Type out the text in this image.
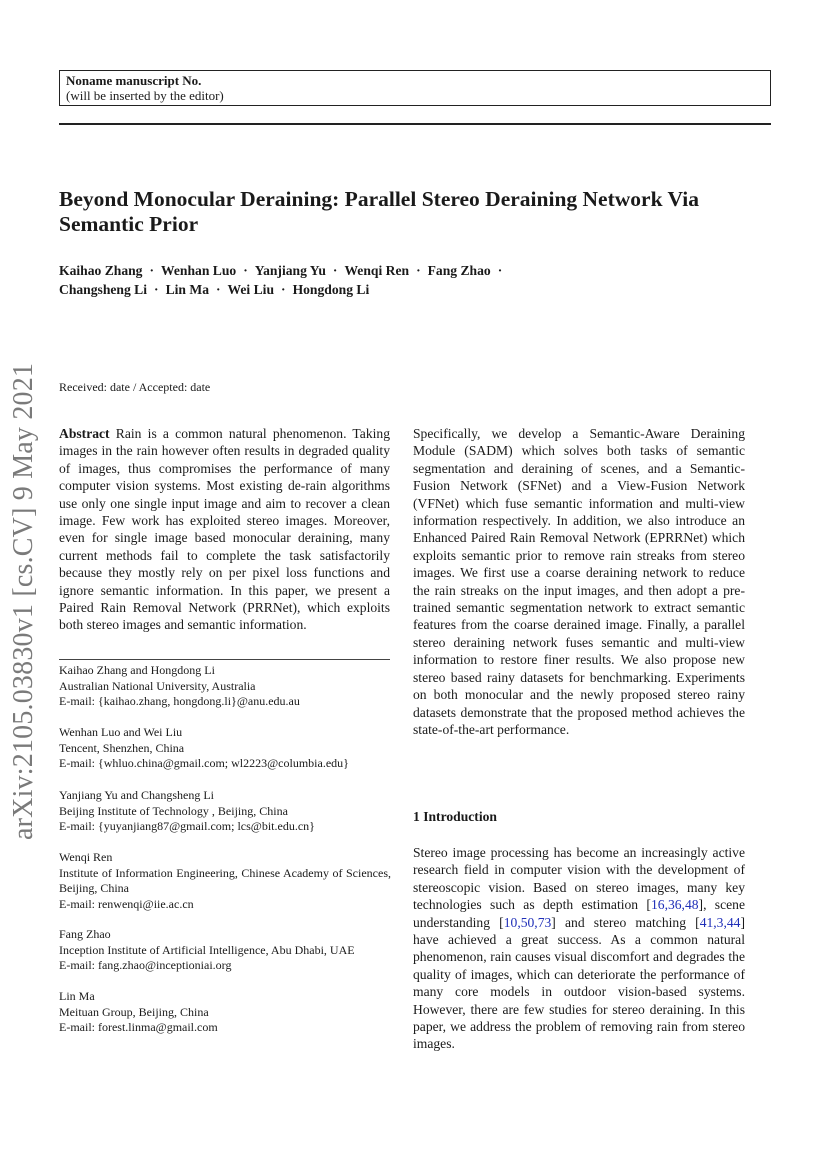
Noname manuscript No.
(will be inserted by the editor)
Beyond Monocular Deraining: Parallel Stereo Deraining Network Via Semantic Prior
Kaihao Zhang · Wenhan Luo · Yanjiang Yu · Wenqi Ren · Fang Zhao ·
Changsheng Li · Lin Ma · Wei Liu · Hongdong Li
arXiv:2105.03830v1 [cs.CV] 9 May 2021	Received: date / Accepted: date
Abstract Rain is a common natural phenomenon. Taking images in the rain however often results in degraded quality of images, thus compromises the performance of many computer vision systems. Most existing de-rain algorithms use only one single input image and aim to recover a clean image. Few work has exploited stereo images. Moreover, even for single image based monocular deraining, many current methods fail to complete the task satisfactorily because they mostly rely on per pixel loss functions and ignore semantic information. In this paper, we present a Paired Rain Removal Network (PRRNet), which exploits both stereo images and semantic information.
Specifically, we develop a Semantic-Aware Deraining Module (SADM) which solves both tasks of semantic segmentation and deraining of scenes, and a Semantic-Fusion Network (SFNet) and a View-Fusion Network (VFNet) which fuse semantic information and multi-view information respectively. In addition, we also introduce an Enhanced Paired Rain Removal Network (EPRRNet) which exploits semantic prior to remove rain streaks from stereo images. We first use a coarse deraining network to reduce the rain streaks on the input images, and then adopt a pre-trained semantic segmentation network to extract semantic features from the coarse derained image. Finally, a parallel stereo deraining network fuses semantic and multi-view information to restore finer results. We also propose new stereo based rainy datasets for benchmarking. Experiments on both monocular and the newly proposed stereo rainy datasets demonstrate that the proposed method achieves the state-of-the-art performance.
Kaihao Zhang and Hongdong Li
Australian National University, Australia
E-mail: {kaihao.zhang, hongdong.li}@anu.edu.au
Wenhan Luo and Wei Liu
Tencent, Shenzhen, China
E-mail: {whluo.china@gmail.com; wl2223@columbia.edu}
Yanjiang Yu and Changsheng Li
Beijing Institute of Technology , Beijing, China
E-mail: {yuyanjiang87@gmail.com; lcs@bit.edu.cn}
Wenqi Ren
Institute of Information Engineering, Chinese Academy of Sciences, Beijing, China
E-mail: renwenqi@iie.ac.cn
Fang Zhao
Inception Institute of Artificial Intelligence, Abu Dhabi, UAE
E-mail: fang.zhao@inceptioniai.org
Lin Ma
Meituan Group, Beijing, China
E-mail: forest.linma@gmail.com
1 Introduction
Stereo image processing has become an increasingly active research field in computer vision with the development of stereoscopic vision. Based on stereo images, many key technologies such as depth estimation [16,36,48], scene understanding [10,50,73] and stereo matching [41,3,44] have achieved a great success. As a common natural phenomenon, rain causes visual discomfort and degrades the quality of images, which can deteriorate the performance of many core models in outdoor vision-based systems. However, there are few studies for stereo deraining. In this paper, we address the problem of removing rain from stereo images.
